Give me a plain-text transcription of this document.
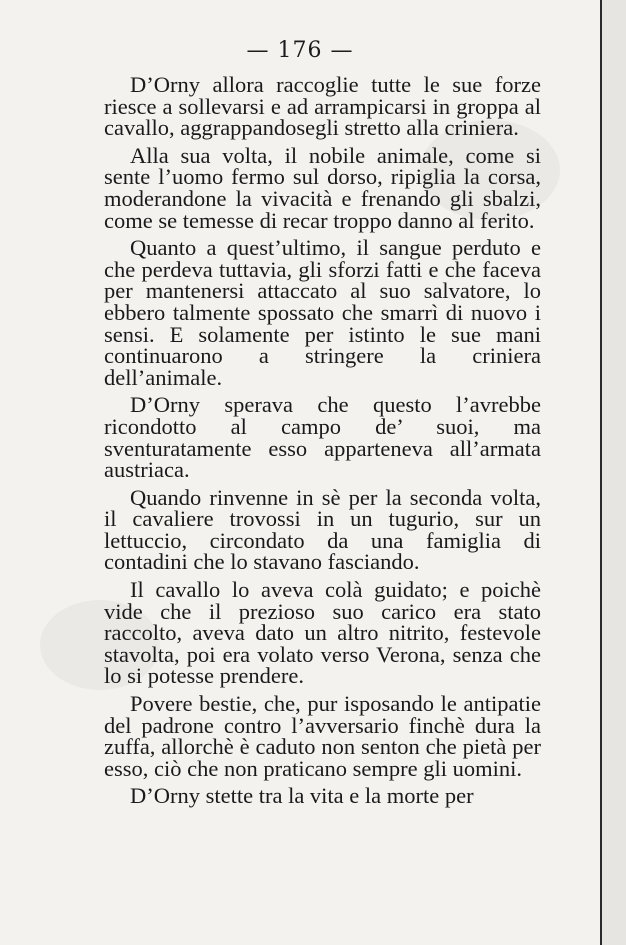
— 176 —

D’Orny allora raccoglie tutte le sue forze riesce a sollevarsi e ad arrampicarsi in groppa al cavallo, aggrappandosegli stretto alla criniera.

Alla sua volta, il nobile animale, come si sente l’uomo fermo sul dorso, ripiglia la corsa, moderandone la vivacità e frenando gli sbalzi, come se temesse di recar troppo danno al ferito.

Quanto a quest’ultimo, il sangue perduto e che perdeva tuttavia, gli sforzi fatti e che faceva per mantenersi attaccato al suo salvatore, lo ebbero talmente spossato che smarrì di nuovo i sensi. E solamente per istinto le sue mani continuarono a stringere la criniera dell’animale.

D’Orny sperava che questo l’avrebbe ricondotto al campo de’ suoi, ma sventuratamente esso apparteneva all’armata austriaca.

Quando rinvenne in sè per la seconda volta, il cavaliere trovossi in un tugurio, sur un lettuccio, circondato da una famiglia di contadini che lo stavano fasciando.

Il cavallo lo aveva colà guidato; e poichè vide che il prezioso suo carico era stato raccolto, aveva dato un altro nitrito, festevole stavolta, poi era volato verso Verona, senza che lo si potesse prendere.

Povere bestie, che, pur isposando le antipatie del padrone contro l’avversario finchè dura la zuffa, allorchè è caduto non senton che pietà per esso, ciò che non praticano sempre gli uomini.

D’Orny stette tra la vita e la morte per
